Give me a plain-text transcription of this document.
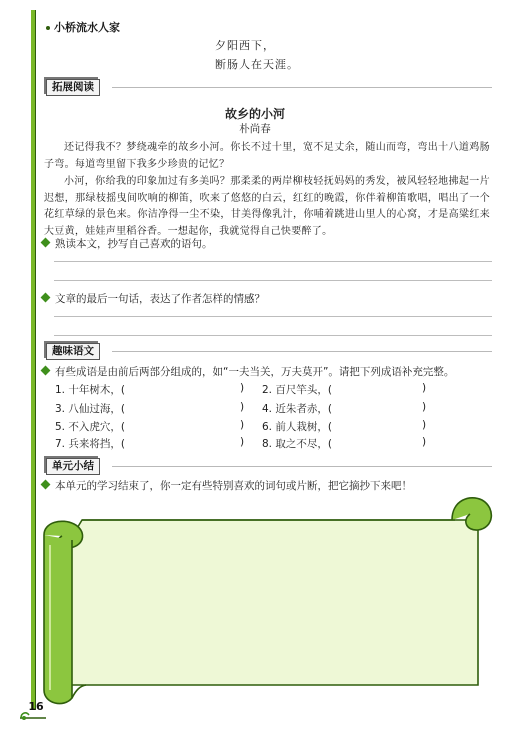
小桥流水人家
夕阳西下，
断肠人在天涯。
拓展阅读
故乡的小河
朴尚春
还记得我不？梦绕魂牵的故乡小河。你长不过十里，宽不足丈余，随山而弯，弯出十八道鸡肠子弯。每道弯里留下我多少珍贵的记忆？
小河，你给我的印象加过有多美吗？那柔柔的两岸柳枝轻抚妈妈的秀发，被风轻轻地拂起一片迟想，那绿枝摇曳间吹响的柳笛，吹来了悠悠的白云，红红的晚霞，你伴着柳笛歌唱，唱出了一个花红草绿的景色来。你洁净得一尘不染，甘美得像乳汁，你哺着跳进山里人的心窝，才是高粱红来大豆黄，娃娃声里稻谷香。一想起你，我就觉得自己快要醉了。
熟读本文，抄写自己喜欢的语句。
文章的最后一句话，表达了作者怎样的情感？
趣味语文
有些成语是由前后两部分组成的，如“一夫当关，万夫莫开”。请把下列成语补充完整。
1. 十年树木，(	) 2. 百尺竿头，(	)
3. 八仙过海，(	) 4. 近朱者赤，(	)
5. 不入虎穴，(	) 6. 前人栽树，(	)
7. 兵来将挡，(	) 8. 取之不尽，(	)
单元小结
本单元的学习结束了，你一定有些特别喜欢的词句或片断，把它摘抄下来吧！
16
